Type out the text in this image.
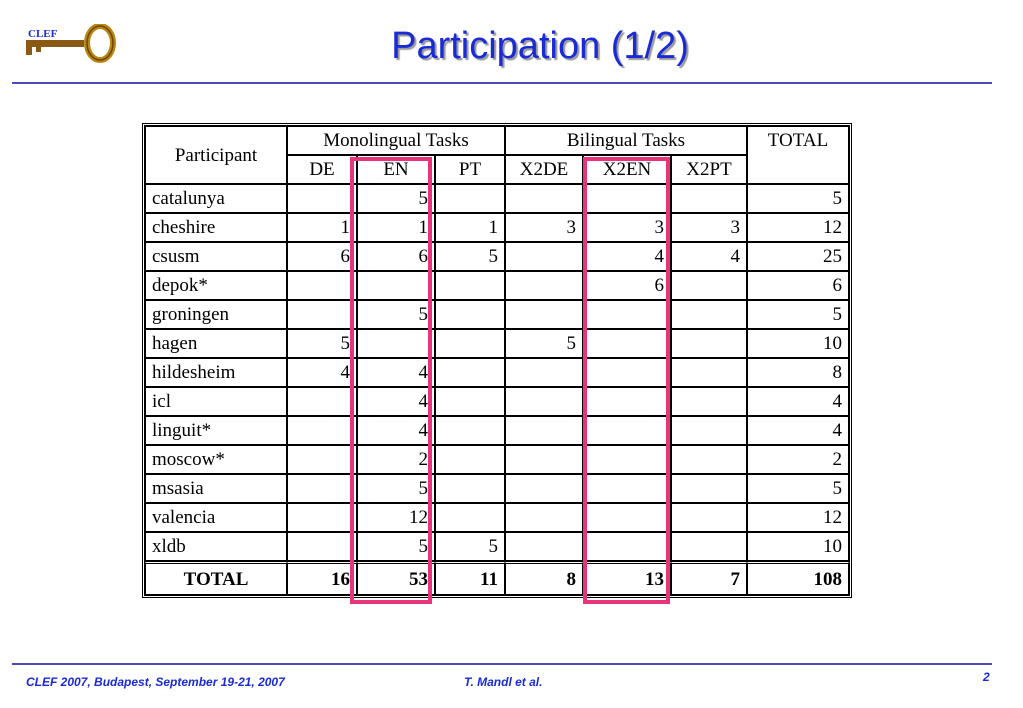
CLEF	Participation (1/2)
Participant	Monolingual Tasks			Bilingual Tasks			TOTAL
	DE	EN	PT	X2DE	X2EN	X2PT	
catalunya		5					5
cheshire	1	1	1	3	3	3	12
csusm	6	6	5		4	4	25
depok*					6		6
groningen		5					5
hagen	5			5			10
hildesheim	4	4					8
icl		4					4
linguit*		4					4
moscow*		2					2
msasia		5					5
valencia		12					12
xldb		5	5				10
TOTAL	16	53	11	8	13	7	108
CLEF 2007, Budapest, September 19-21, 2007	T. Mandl et al.	2
